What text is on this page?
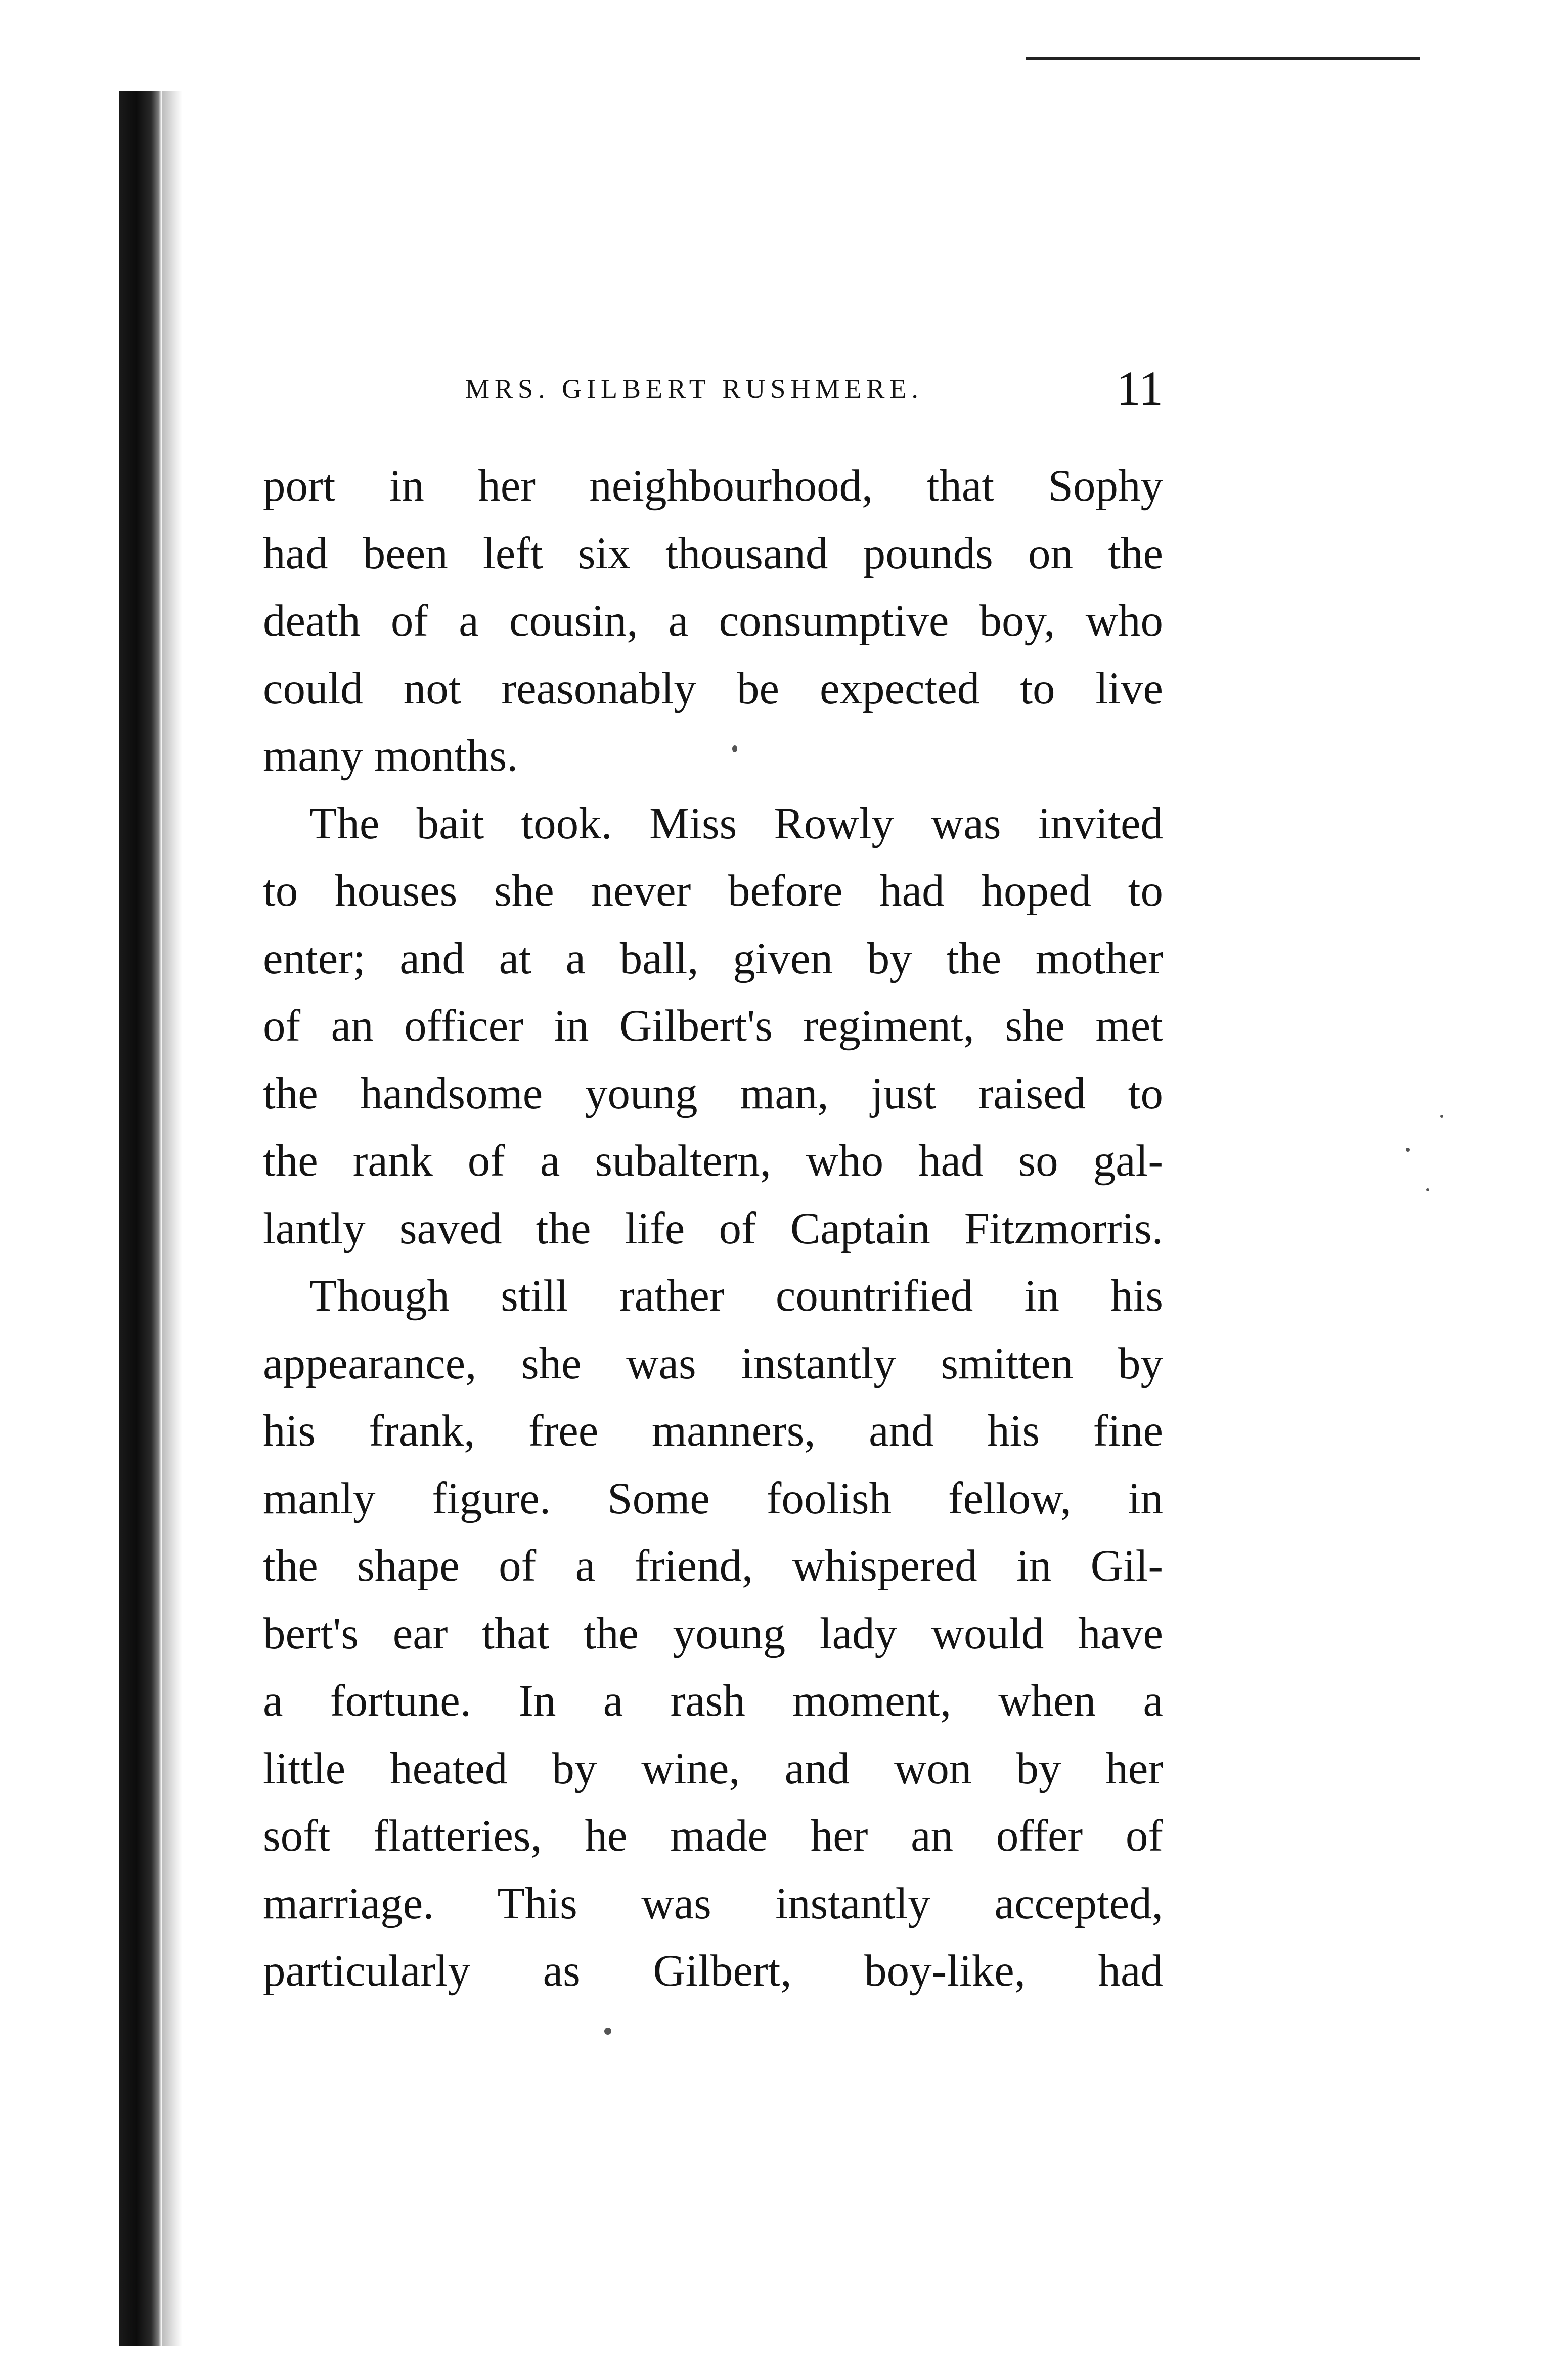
MRS. GILBERT RUSHMERE.	11
port in her neighbourhood, that Sophy
had been left six thousand pounds on the
death of a cousin, a consumptive boy, who
could not reasonably be expected to live
many months.
The bait took. Miss Rowly was invited
to houses she never before had hoped to
enter; and at a ball, given by the mother
of an officer in Gilbert's regiment, she met
the handsome young man, just raised to
the rank of a subaltern, who had so gal-
lantly saved the life of Captain Fitzmorris.
Though still rather countrified in his
appearance, she was instantly smitten by
his frank, free manners, and his fine
manly figure. Some foolish fellow, in
the shape of a friend, whispered in Gil-
bert's ear that the young lady would have
a fortune. In a rash moment, when a
little heated by wine, and won by her
soft flatteries, he made her an offer of
marriage. This was instantly accepted,
particularly as Gilbert, boy-like, had
